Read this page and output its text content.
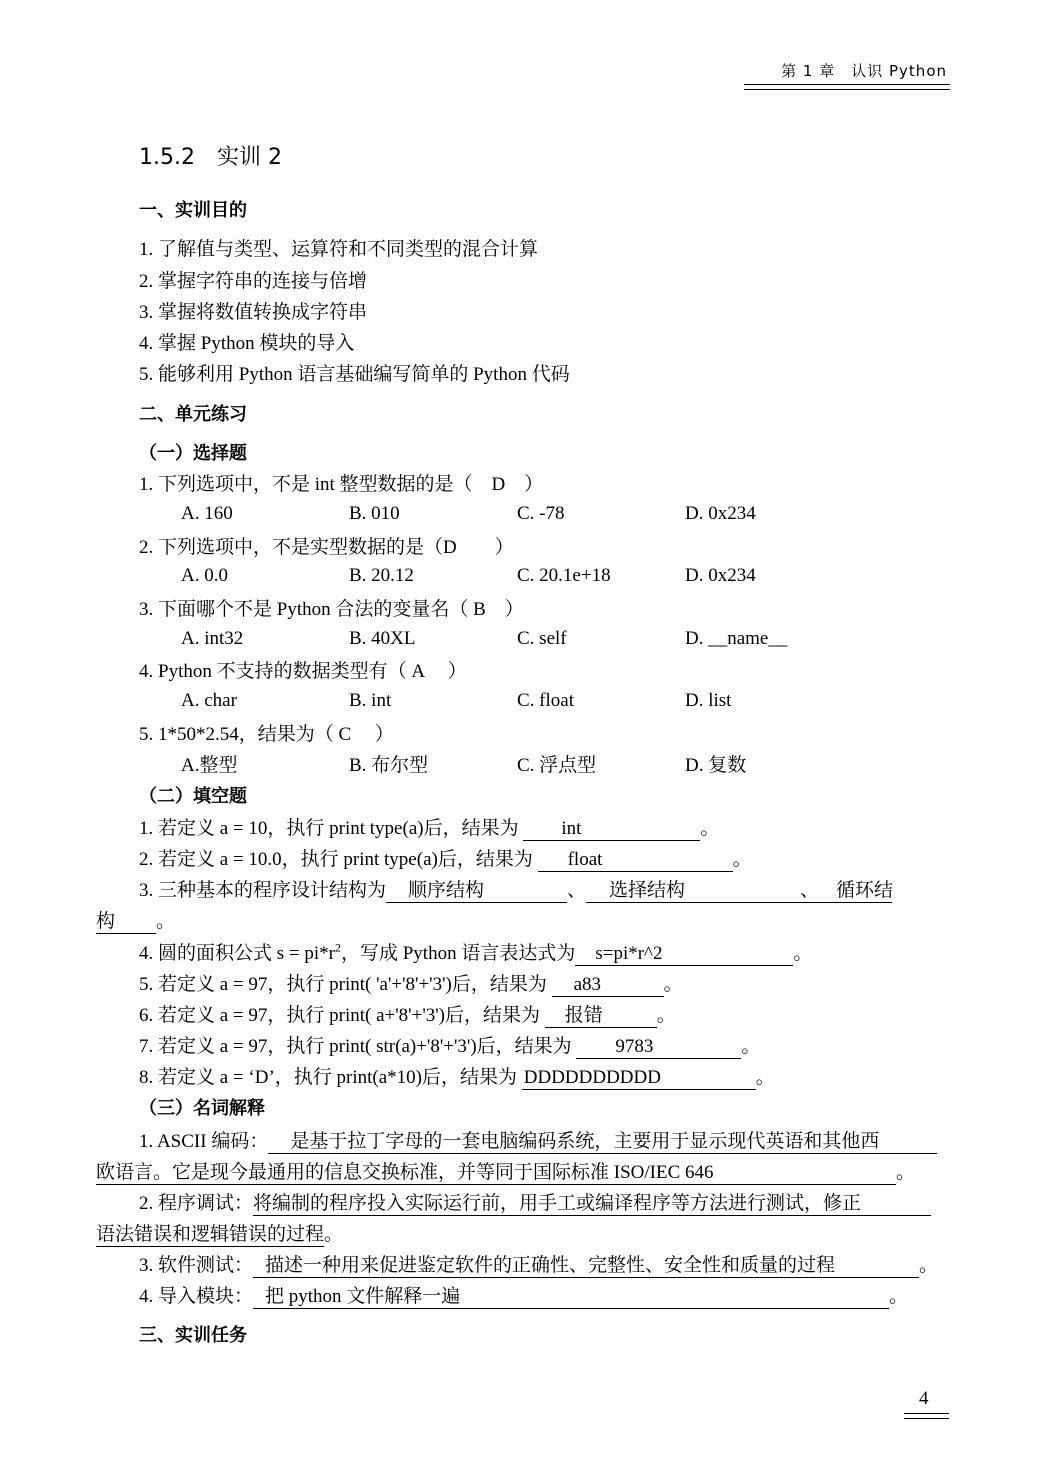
第 1 章　认识 Python
1.5.2　实训 2
一、实训目的
1. 了解值与类型、运算符和不同类型的混合计算
2. 掌握字符串的连接与倍增
3. 掌握将数值转换成字符串
4. 掌握 Python 模块的导入
5. 能够利用 Python 语言基础编写简单的 Python 代码
二、单元练习
（一）选择题
1. 下列选项中，不是 int 整型数据的是（　D　）
A. 160	B. 010	C. -78	D. 0x234
2. 下列选项中，不是实型数据的是（D　　）
A. 0.0	B. 20.12	C. 20.1e+18	D. 0x234
3. 下面哪个不是 Python 合法的变量名（ B　）
A. int32	B. 40XL	C. self	D. __name__
4. Python 不支持的数据类型有（ A　 ）
A. char	B. int	C. float	D. list
5. 1*50*2.54，结果为（ C　 ）
A.整型	B. 布尔型	C. 浮点型	D. 复数
（二）填空题
1. 若定义 a = 10，执行 print type(a)后，结果为 int	。
2. 若定义 a = 10.0，执行 print type(a)后，结果为 float	。
3. 三种基本的程序设计结构为 顺序结构	、 选择结构	、 循环结
构 。
4. 圆的面积公式 $s = pi*r^2$，写成 Python 语言表达式为 s=pi*r^2	。
5. 若定义 a = 97，执行 print( 'a'+'8'+'3')后，结果为 a83	。
6. 若定义 a = 97，执行 print( a+'8'+'3')后，结果为 报错	。
7. 若定义 a = 97，执行 print( str(a)+'8'+'3')后，结果为 9783	。
8. 若定义 a = ‘D’，执行 print(a*10)后，结果为 DDDDDDDDDD	。
（三）名词解释
1. ASCII 编码： 是基于拉丁字母的一套电脑编码系统，主要用于显示现代英语和其他西
欧语言。它是现今最通用的信息交换标准，并等同于国际标准 ISO/IEC 646	。
2. 程序调试：将编制的程序投入实际运行前，用手工或编译程序等方法进行测试，修正
语法错误和逻辑错误的过程。
3. 软件测试： 描述一种用来促进鉴定软件的正确性、完整性、安全性和质量的过程	。
4. 导入模块： 把 python 文件解释一遍	。
三、实训任务
4
